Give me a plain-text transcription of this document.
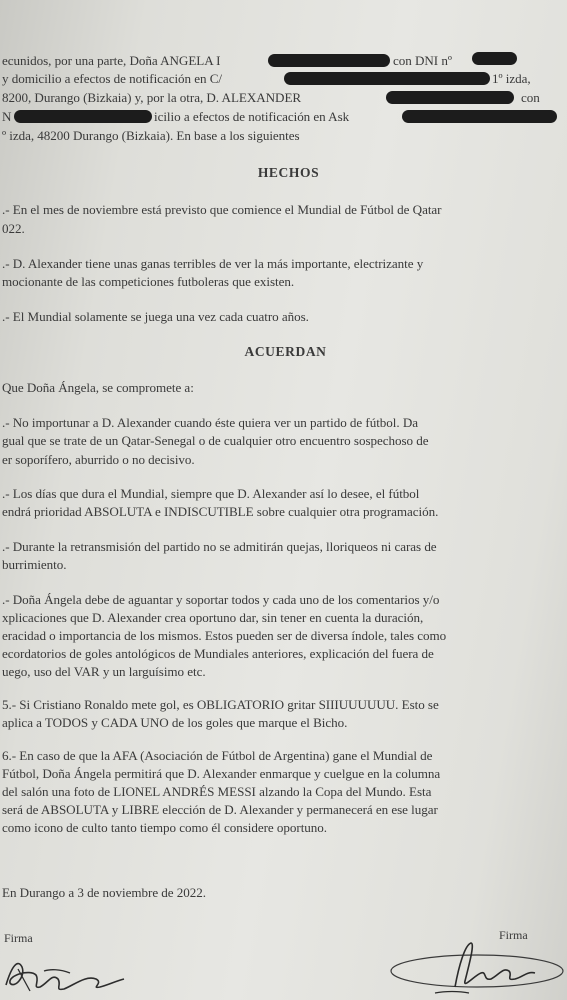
ecunidos, por una parte, Doña ANGELA I	con DNI nº
y domicilio a efectos de notificación en C/	1º izda,
8200, Durango (Bizkaia) y, por la otra, D. ALEXANDER	con
N	icilio a efectos de notificación en Ask
º izda, 48200 Durango (Bizkaia). En base a los siguientes
HECHOS
.- En el mes de noviembre está previsto que comience el Mundial de Fútbol de Qatar
022.
.- D. Alexander tiene unas ganas terribles de ver la más importante, electrizante y
mocionante de las competiciones futboleras que existen.
.- El Mundial solamente se juega una vez cada cuatro años.
ACUERDAN
Que Doña Ángela, se compromete a:
.- No importunar a D. Alexander cuando éste quiera ver un partido de fútbol. Da
gual que se trate de un Qatar-Senegal o de cualquier otro encuentro sospechoso de
er soporífero, aburrido o no decisivo.
.- Los días que dura el Mundial, siempre que D. Alexander así lo desee, el fútbol
endrá prioridad ABSOLUTA e INDISCUTIBLE sobre cualquier otra programación.
.- Durante la retransmisión del partido no se admitirán quejas, lloriqueos ni caras de
burrimiento.
.- Doña Ángela debe de aguantar y soportar todos y cada uno de los comentarios y/o
xplicaciones que D. Alexander crea oportuno dar, sin tener en cuenta la duración,
eracidad o importancia de los mismos. Estos pueden ser de diversa índole, tales como
ecordatorios de goles antológicos de Mundiales anteriores, explicación del fuera de
uego, uso del VAR y un larguísimo etc.
5.- Si Cristiano Ronaldo mete gol, es OBLIGATORIO gritar SIIIUUUUUU. Esto se
aplica a TODOS y CADA UNO de los goles que marque el Bicho.
6.- En caso de que la AFA (Asociación de Fútbol de Argentina) gane el Mundial de
Fútbol, Doña Ángela permitirá que D. Alexander enmarque y cuelgue en la columna
del salón una foto de LIONEL ANDRÉS MESSI alzando la Copa del Mundo. Esta
será de ABSOLUTA y LIBRE elección de D. Alexander y permanecerá en ese lugar
como icono de culto tanto tiempo como él considere oportuno.
En Durango a 3 de noviembre de 2022.
Firma	Firma
